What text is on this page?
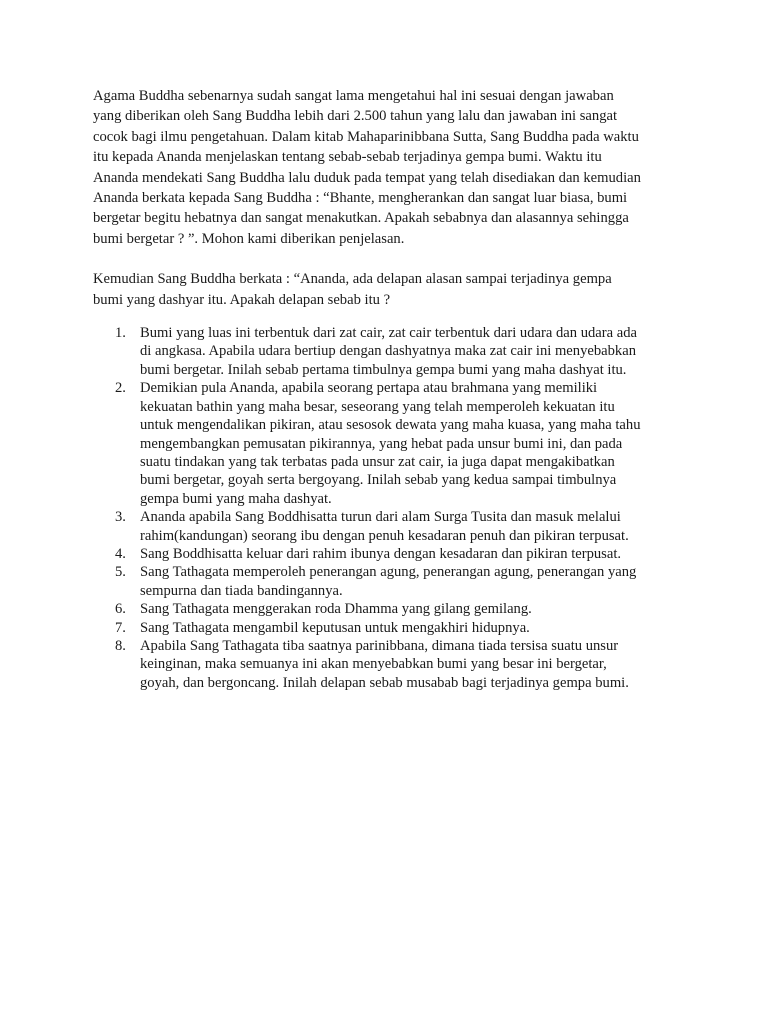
Agama Buddha sebenarnya sudah sangat lama mengetahui hal ini sesuai dengan jawaban
yang diberikan oleh Sang Buddha lebih dari 2.500 tahun yang lalu dan jawaban ini sangat
cocok bagi ilmu pengetahuan. Dalam kitab Mahaparinibbana Sutta, Sang Buddha pada waktu
itu kepada Ananda menjelaskan tentang sebab-sebab terjadinya gempa bumi. Waktu itu
Ananda mendekati Sang Buddha lalu duduk pada tempat yang telah disediakan dan kemudian
Ananda berkata kepada Sang Buddha : “Bhante, mengherankan dan sangat luar biasa, bumi
bergetar begitu hebatnya dan sangat menakutkan. Apakah sebabnya dan alasannya sehingga
bumi bergetar ? ”. Mohon kami diberikan penjelasan.

Kemudian Sang Buddha berkata : “Ananda, ada delapan alasan sampai terjadinya gempa
bumi yang dashyar itu. Apakah delapan sebab itu ?

1. Bumi yang luas ini terbentuk dari zat cair, zat cair terbentuk dari udara dan udara ada
di angkasa. Apabila udara bertiup dengan dashyatnya maka zat cair ini menyebabkan
bumi bergetar. Inilah sebab pertama timbulnya gempa bumi yang maha dashyat itu.
2. Demikian pula Ananda, apabila seorang pertapa atau brahmana yang memiliki
kekuatan bathin yang maha besar, seseorang yang telah memperoleh kekuatan itu
untuk mengendalikan pikiran, atau sesosok dewata yang maha kuasa, yang maha tahu
mengembangkan pemusatan pikirannya, yang hebat pada unsur bumi ini, dan pada
suatu tindakan yang tak terbatas pada unsur zat cair, ia juga dapat mengakibatkan
bumi bergetar, goyah serta bergoyang. Inilah sebab yang kedua sampai timbulnya
gempa bumi yang maha dashyat.
3. Ananda apabila Sang Boddhisatta turun dari alam Surga Tusita dan masuk melalui
rahim(kandungan) seorang ibu dengan penuh kesadaran penuh dan pikiran terpusat.
4. Sang Boddhisatta keluar dari rahim ibunya dengan kesadaran dan pikiran terpusat.
5. Sang Tathagata memperoleh penerangan agung, penerangan agung, penerangan yang
sempurna dan tiada bandingannya.
6. Sang Tathagata menggerakan roda Dhamma yang gilang gemilang.
7. Sang Tathagata mengambil keputusan untuk mengakhiri hidupnya.
8. Apabila Sang Tathagata tiba saatnya parinibbana, dimana tiada tersisa suatu unsur
keinginan, maka semuanya ini akan menyebabkan bumi yang besar ini bergetar,
goyah, dan bergoncang. Inilah delapan sebab musabab bagi terjadinya gempa bumi.
